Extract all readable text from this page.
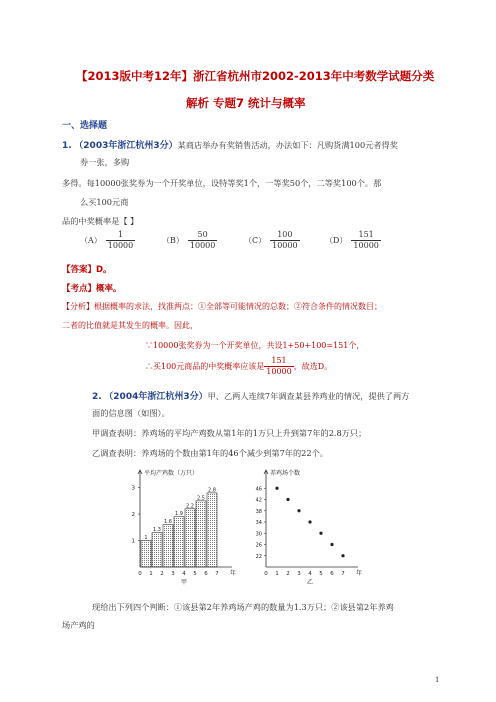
【2013版中考12年】浙江省杭州市2002-2013年中考数学试题分类
解析 专题7 统计与概率
一、选择题
1. （2003年浙江杭州3分）某商店举办有奖销售活动，办法如下：凡购货满100元者得奖
券一张，多购
多得。每10000张奖券为一个开奖单位，设特等奖1个，一等奖50个，二等奖100个。那
么买100元商
品的中奖概率是【 】
$(A) \frac{1}{10000}$	$(B) \frac{50}{10000}$	$(C) \frac{100}{10000}$	$(D) \frac{151}{10000}$
【答案】D。
【考点】概率。
【分析】根据概率的求法，找准两点：①全部等可能情况的总数；②符合条件的情况数目；
二者的比值就是其发生的概率。因此，
∵10000张奖券为一个开奖单位，共设1+50+100=151个，
∴买100元商品的中奖概率应该是 $\frac{151}{10000}$ ，故选D。
2. （2004年浙江杭州3分）甲、乙两人连续7年调查某县养鸡业的情况，提供了两方
面的信息图（如图）。
甲调查表明：养鸡场的平均产鸡数从第1年的1万只上升到第7年的2.8万只；
乙调查表明：养鸡场的个数由第1年的46个减少到第7年的22个。
平均产鸡数（万只）
1
2
3
0 1 2 3 4 5 6 7 年
甲
1
1.3
1.6
1.9
2.2
2.5
2.8
养鸡场个数
46
42
38
34
30
26
22
0 1 2 3 4 5 6 7 年
乙
现给出下列四个判断：①该县第2年养鸡场产鸡的数量为1.3万只；②该县第2年养鸡
场产鸡的
1
